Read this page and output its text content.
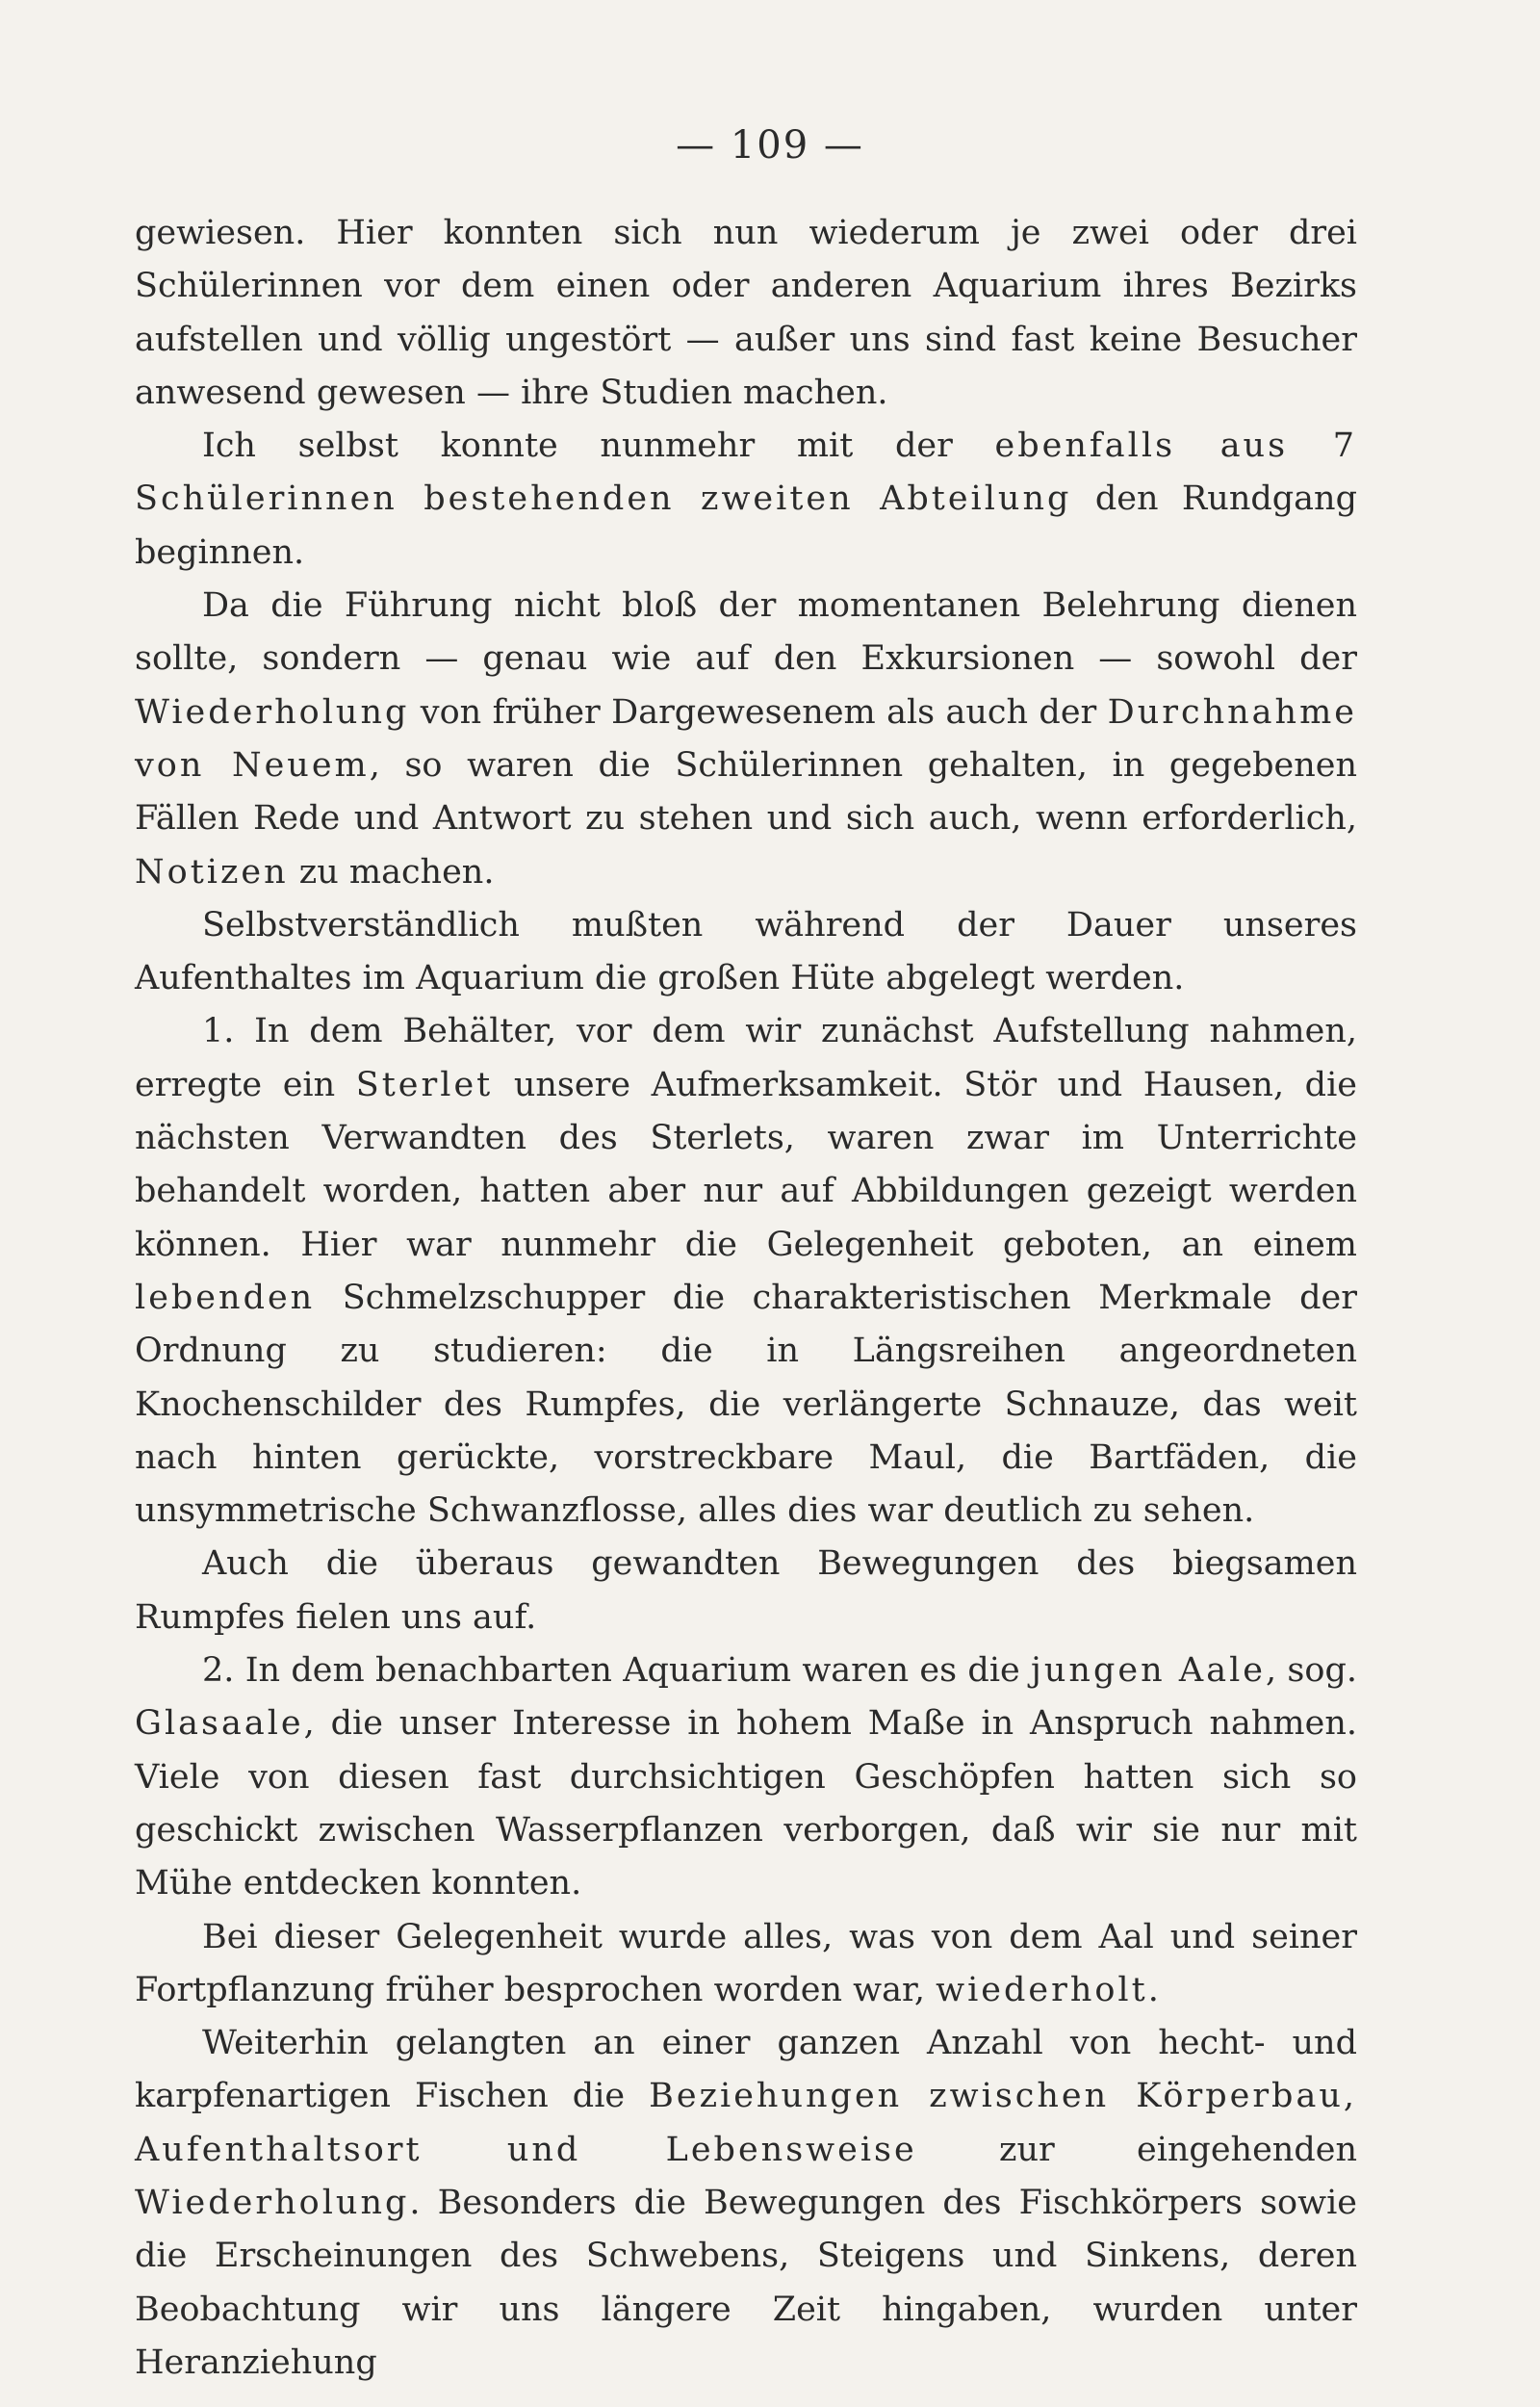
— 109 —

gewiesen. Hier konnten sich nun wiederum je zwei oder drei Schülerinnen vor dem einen oder anderen Aquarium ihres Bezirks aufstellen und völlig ungestört — außer uns sind fast keine Besucher anwesend gewesen — ihre Studien machen.

Ich selbst konnte nunmehr mit der ebenfalls aus 7 Schülerinnen bestehenden zweiten Abteilung den Rundgang beginnen.

Da die Führung nicht bloß der momentanen Belehrung dienen sollte, sondern — genau wie auf den Exkursionen — sowohl der Wiederholung von früher Dargewesenem als auch der Durchnahme von Neuem, so waren die Schülerinnen gehalten, in gegebenen Fällen Rede und Antwort zu stehen und sich auch, wenn erforderlich, Notizen zu machen.

Selbstverständlich mußten während der Dauer unseres Aufenthaltes im Aquarium die großen Hüte abgelegt werden.

1. In dem Behälter, vor dem wir zunächst Aufstellung nahmen, erregte ein Sterlet unsere Aufmerksamkeit. Stör und Hausen, die nächsten Verwandten des Sterlets, waren zwar im Unterrichte behandelt worden, hatten aber nur auf Abbildungen gezeigt werden können. Hier war nunmehr die Gelegenheit geboten, an einem lebenden Schmelzschupper die charakteristischen Merkmale der Ordnung zu studieren: die in Längsreihen angeordneten Knochenschilder des Rumpfes, die verlängerte Schnauze, das weit nach hinten gerückte, vorstreckbare Maul, die Bartfäden, die unsymmetrische Schwanzflosse, alles dies war deutlich zu sehen.

Auch die überaus gewandten Bewegungen des biegsamen Rumpfes fielen uns auf.

2. In dem benachbarten Aquarium waren es die jungen Aale, sog. Glasaale, die unser Interesse in hohem Maße in Anspruch nahmen. Viele von diesen fast durchsichtigen Geschöpfen hatten sich so geschickt zwischen Wasserpflanzen verborgen, daß wir sie nur mit Mühe entdecken konnten.

Bei dieser Gelegenheit wurde alles, was von dem Aal und seiner Fortpflanzung früher besprochen worden war, wiederholt.

Weiterhin gelangten an einer ganzen Anzahl von hecht- und karpfenartigen Fischen die Beziehungen zwischen Körperbau, Aufenthaltsort und Lebensweise zur eingehenden Wiederholung. Besonders die Bewegungen des Fischkörpers sowie die Erscheinungen des Schwebens, Steigens und Sinkens, deren Beobachtung wir uns längere Zeit hingaben, wurden unter Heranziehung
